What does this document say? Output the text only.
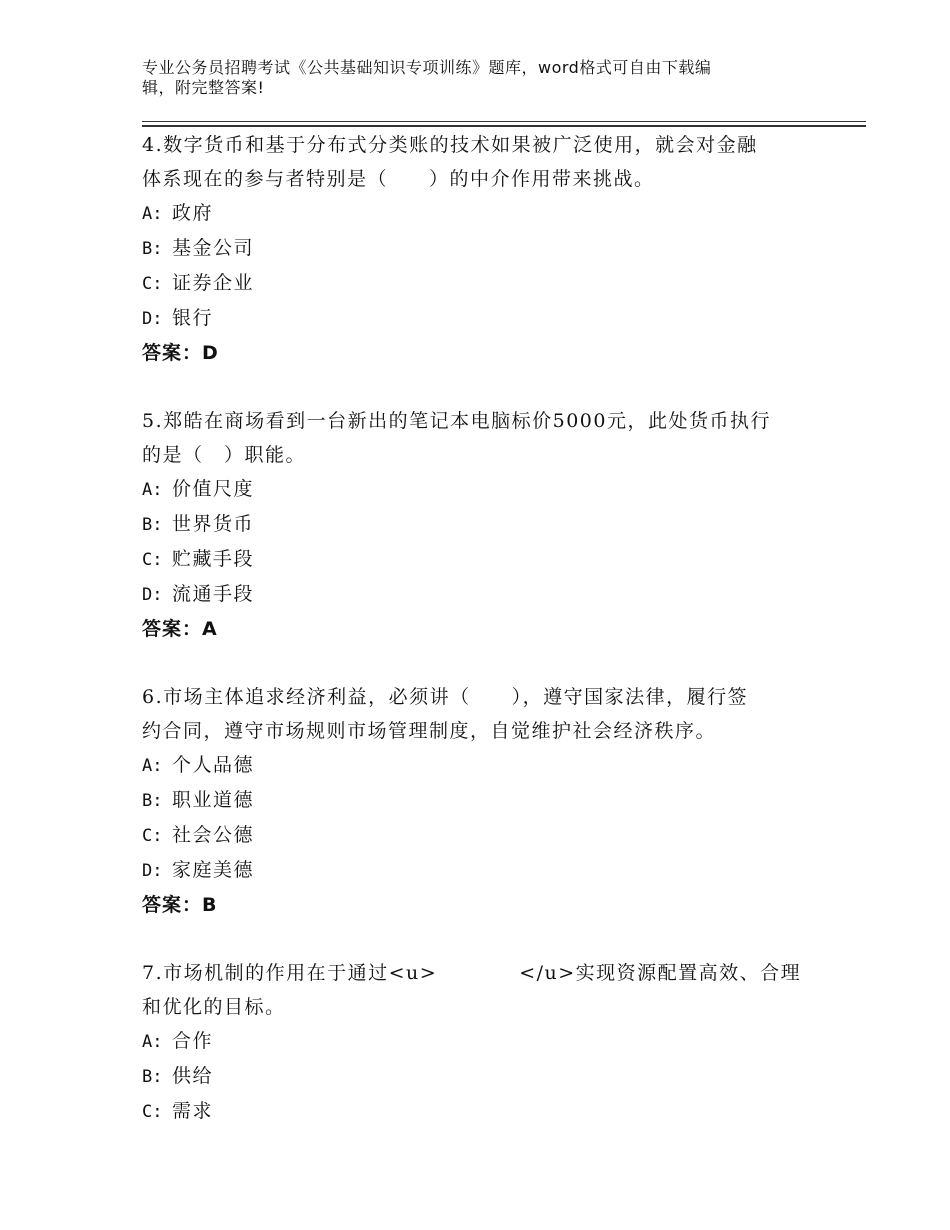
专业公务员招聘考试《公共基础知识专项训练》题库，word格式可自由下载编
辑，附完整答案!

4.数字货币和基于分布式分类账的技术如果被广泛使用，就会对金融

体系现在的参与者特别是（　　）的中介作用带来挑战。

A: 政府

B: 基金公司

C: 证券企业

D: 银行

答案：D

5.郑皓在商场看到一台新出的笔记本电脑标价5000元，此处货币执行

的是（　）职能。

A: 价值尺度

B: 世界货币

C: 贮藏手段

D: 流通手段

答案：A

6.市场主体追求经济利益，必须讲（　　），遵守国家法律，履行签

约合同，遵守市场规则市场管理制度，自觉维护社会经济秩序。

A: 个人品德

B: 职业道德

C: 社会公德

D: 家庭美德

答案：B

7.市场机制的作用在于通过<u>　　　　</u>实现资源配置高效、合理

和优化的目标。

A: 合作

B: 供给

C: 需求
